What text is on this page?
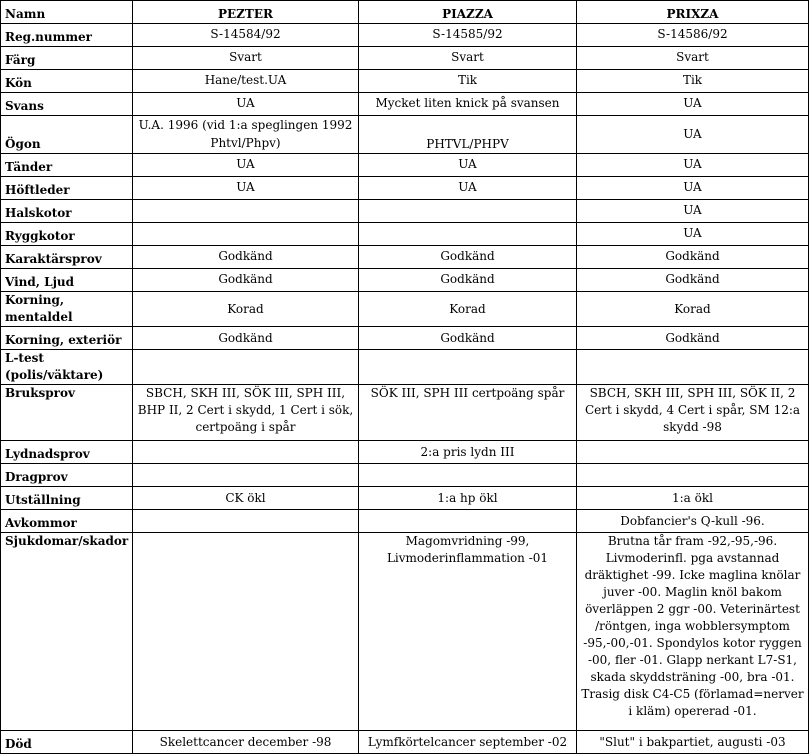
Namn	PEZTER	PIAZZA	PRIXZA
Reg.nummer	S-14584/92	S-14585/92	S-14586/92
Färg	Svart	Svart	Svart
Kön	Hane/test.UA	Tik	Tik
Svans	UA	Mycket liten knick på svansen	UA
Ögon	U.A. 1996 (vid 1:a speglingen 1992 Phtvl/Phpv)	PHTVL/PHPV	UA
Tänder	UA	UA	UA
Höftleder	UA	UA	UA
Halskotor			UA
Ryggkotor			UA
Karaktärsprov	Godkänd	Godkänd	Godkänd
Vind, Ljud	Godkänd	Godkänd	Godkänd
Korning, mentaldel	Korad	Korad	Korad
Korning, exteriör	Godkänd	Godkänd	Godkänd
L-test (polis/väktare)			
Bruksprov	SBCH, SKH III, SÖK III, SPH III, BHP II, 2 Cert i skydd, 1 Cert i sök, certpoäng i spår	SÖK III, SPH III certpoäng spår	SBCH, SKH III, SPH III, SÖK II, 2 Cert i skydd, 4 Cert i spår, SM 12:a skydd -98
Lydnadsprov		2:a pris lydn III	
Dragprov			
Utställning	CK ökl	1:a hp ökl	1:a ökl
Avkommor			Dobfancier's Q-kull -96.
Sjukdomar/skador		Magomvridning -99, Livmoderinflammation -01	Brutna tår fram -92,-95,-96. Livmoderinfl. pga avstannad dräktighet -99. Icke maglina knölar juver -00. Maglin knöl bakom överläppen 2 ggr -00. Veterinärtest /röntgen, inga wobblersymptom -95,-00,-01. Spondylos kotor ryggen -00, fler -01. Glapp nerkant L7-S1, skada skyddsträning -00, bra -01. Trasig disk C4-C5 (förlamad=nerver i kläm) opererad -01.
Död	Skelettcancer december -98	Lymfkörtelcancer september -02	"Slut" i bakpartiet, augusti -03
